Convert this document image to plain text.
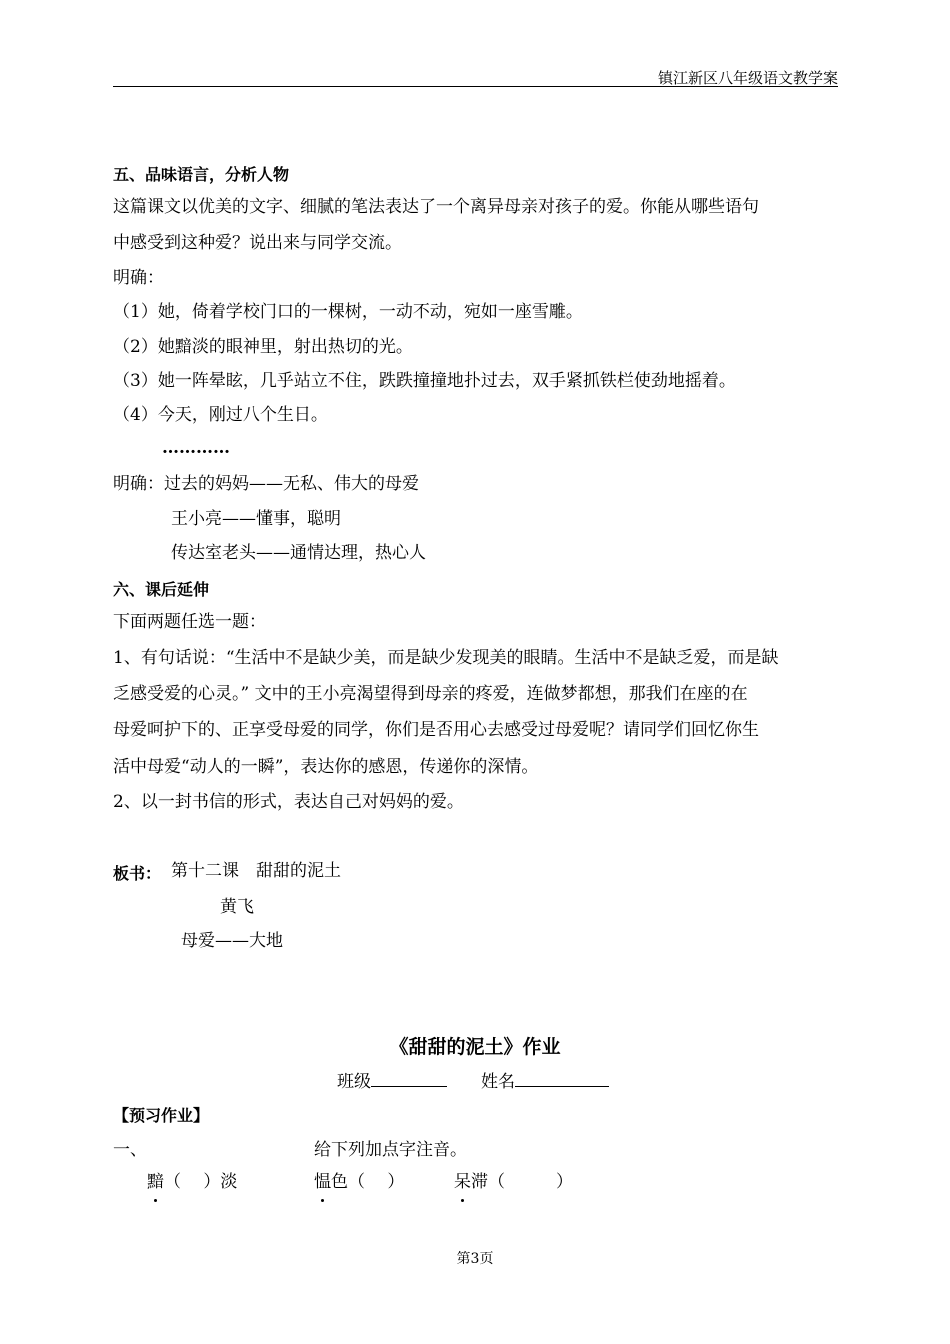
镇江新区八年级语文教学案
五、品味语言，分析人物
这篇课文以优美的文字、细腻的笔法表达了一个离异母亲对孩子的爱。你能从哪些语句
中感受到这种爱？说出来与同学交流。
明确：
（1）她，倚着学校门口的一棵树，一动不动，宛如一座雪雕。
（2）她黯淡的眼神里，射出热切的光。
（3）她一阵晕眩，几乎站立不住，跌跌撞撞地扑过去，双手紧抓铁栏使劲地摇着。
（4）今天，刚过八个生日。
…………
明确：过去的妈妈——无私、伟大的母爱
王小亮——懂事，聪明
传达室老头——通情达理，热心人
六、课后延伸
下面两题任选一题：
1、有句话说：“生活中不是缺少美，而是缺少发现美的眼睛。生活中不是缺乏爱，而是缺
乏感受爱的心灵。” 文中的王小亮渴望得到母亲的疼爱，连做梦都想，那我们在座的在
母爱呵护下的、正享受母爱的同学，你们是否用心去感受过母爱呢？请同学们回忆你生
活中母爱“动人的一瞬”，表达你的感恩，传递你的深情。
2、以一封书信的形式，表达自己对妈妈的爱。
板书： 第十二课　甜甜的泥土
黄飞
母爱——大地
《甜甜的泥土》作业
班级	姓名
【预习作业】
一、	给下列加点字注音。
黯（　 ）淡	愠色（　 ）	呆滞（　　　）
第3页
